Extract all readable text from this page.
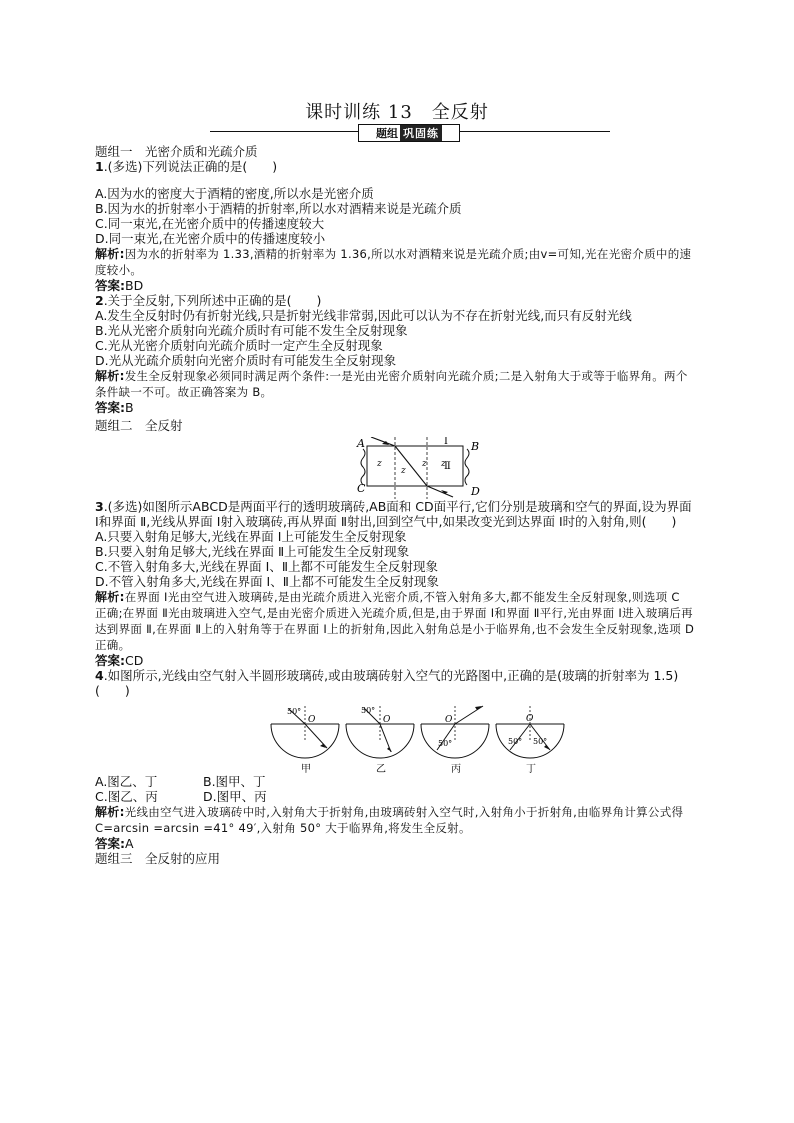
课时训练 13　全反射
题组 巩固练
题组一　光密介质和光疏介质
1.(多选)下列说法正确的是(　　)
A.因为水的密度大于酒精的密度,所以水是光密介质
B.因为水的折射率小于酒精的折射率,所以水对酒精来说是光疏介质
C.同一束光,在光密介质中的传播速度较大
D.同一束光,在光密介质中的传播速度较小
解析:因为水的折射率为 1.33,酒精的折射率为 1.36,所以水对酒精来说是光疏介质;由v=可知,光在光密介质中的速度较小。
答案:BD
2.关于全反射,下列所述中正确的是(　　)
A.发生全反射时仍有折射光线,只是折射光线非常弱,因此可以认为不存在折射光线,而只有反射光线
B.光从光密介质射向光疏介质时有可能不发生全反射现象
C.光从光密介质射向光疏介质时一定产生全反射现象
D.光从光疏介质射向光密介质时有可能发生全反射现象
解析:发生全反射现象必须同时满足两个条件:一是光由光密介质射向光疏介质;二是入射角大于或等于临界角。两个条件缺一不可。故正确答案为 B。
答案:B
题组二　全反射
A	B
C	D
Ⅰ
Ⅱ
z
z
z z
3.(多选)如图所示ABCD是两面平行的透明玻璃砖,AB面和 CD面平行,它们分别是玻璃和空气的界面,设为界面 Ⅰ和界面 Ⅱ,光线从界面 Ⅰ射入玻璃砖,再从界面 Ⅱ射出,回到空气中,如果改变光到达界面 Ⅰ时的入射角,则(　　)
A.只要入射角足够大,光线在界面 Ⅰ上可能发生全反射现象
B.只要入射角足够大,光线在界面 Ⅱ上可能发生全反射现象
C.不管入射角多大,光线在界面 Ⅰ、Ⅱ上都不可能发生全反射现象
D.不管入射角多大,光线在界面 Ⅰ、Ⅱ上都不可能发生全反射现象
解析:在界面 Ⅰ光由空气进入玻璃砖,是由光疏介质进入光密介质,不管入射角多大,都不能发生全反射现象,则选项 C 正确;在界面 Ⅱ光由玻璃进入空气,是由光密介质进入光疏介质,但是,由于界面 Ⅰ和界面 Ⅱ平行,光由界面 Ⅰ进入玻璃后再达到界面 Ⅱ,在界面 Ⅱ上的入射角等于在界面 Ⅰ上的折射角,因此入射角总是小于临界角,也不会发生全反射现象,选项 D 正确。
答案:CD
4.如图所示,光线由空气射入半圆形玻璃砖,或由玻璃砖射入空气的光路图中,正确的是(玻璃的折射率为 1.5)(　　)
50°
O
甲
50°
O
乙
50°
O
丙
50° 50°
O
丁
A.图乙、丁	B.图甲、丁
C.图乙、丙	D.图甲、丙
解析:光线由空气进入玻璃砖中时,入射角大于折射角,由玻璃砖射入空气时,入射角小于折射角,由临界角计算公式得 C=arcsin =arcsin =41° 49′,入射角 50° 大于临界角,将发生全反射。
答案:A
题组三　全反射的应用
